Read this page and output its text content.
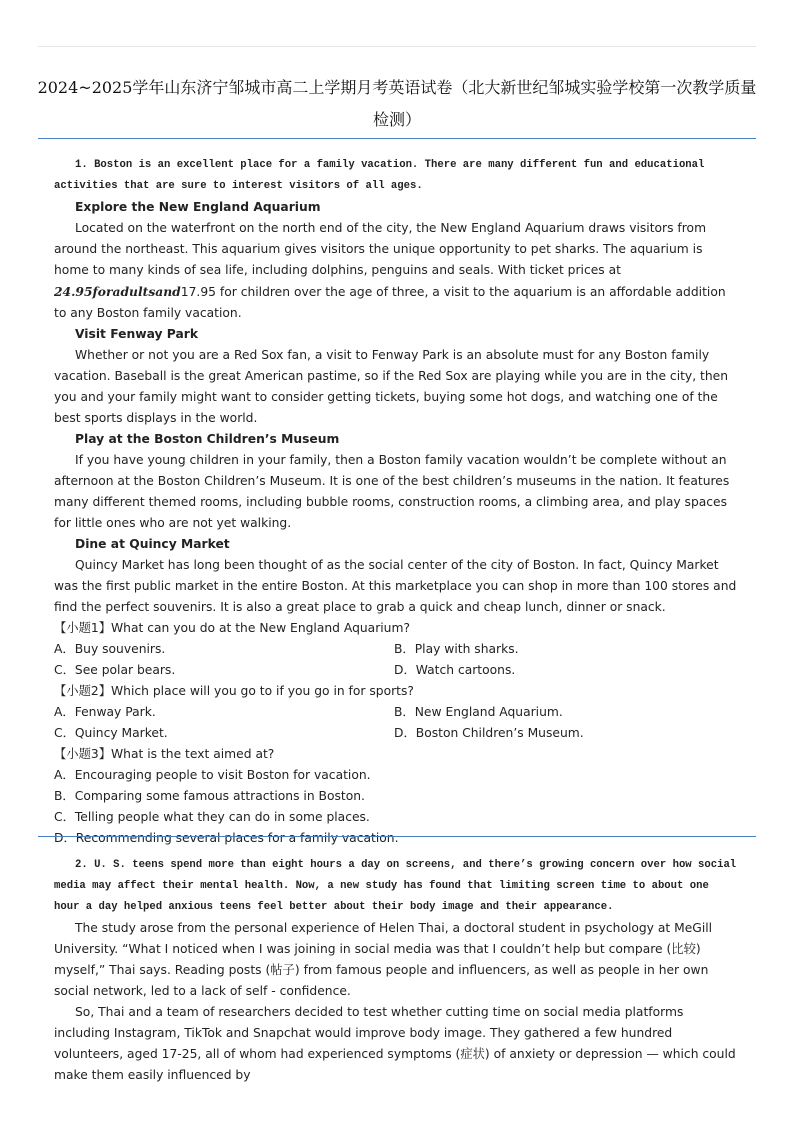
2024~2025学年山东济宁邹城市高二上学期月考英语试卷（北大新世纪邹城实验学校第一次教学质量检测）

1. Boston is an excellent place for a family vacation. There are many different fun and educational activities that are sure to interest visitors of all ages.

Explore the New England Aquarium

Located on the waterfront on the north end of the city, the New England Aquarium draws visitors from around the northeast. This aquarium gives visitors the unique opportunity to pet sharks. The aquarium is home to many kinds of sea life, including dolphins, penguins and seals. With ticket prices at 24.95foradultsand17.95 for children over the age of three, a visit to the aquarium is an affordable addition to any Boston family vacation.

Visit Fenway Park

Whether or not you are a Red Sox fan, a visit to Fenway Park is an absolute must for any Boston family vacation. Baseball is the great American pastime, so if the Red Sox are playing while you are in the city, then you and your family might want to consider getting tickets, buying some hot dogs, and watching one of the best sports displays in the world.

Play at the Boston Children’s Museum

If you have young children in your family, then a Boston family vacation wouldn’t be complete without an afternoon at the Boston Children’s Museum. It is one of the best children’s museums in the nation. It features many different themed rooms, including bubble rooms, construction rooms, a climbing area, and play spaces for little ones who are not yet walking.

Dine at Quincy Market

Quincy Market has long been thought of as the social center of the city of Boston. In fact, Quincy Market was the first public market in the entire Boston. At this marketplace you can shop in more than 100 stores and find the perfect souvenirs. It is also a great place to grab a quick and cheap lunch, dinner or snack.

【小题1】What can you do at the New England Aquarium?

A．Buy souvenirs.	B．Play with sharks.
C．See polar bears.	D．Watch cartoons.

【小题2】Which place will you go to if you go in for sports?

A．Fenway Park.	B．New England Aquarium.
C．Quincy Market.	D．Boston Children’s Museum.

【小题3】What is the text aimed at?

A．Encouraging people to visit Boston for vacation.

B．Comparing some famous attractions in Boston.

C．Telling people what they can do in some places.

D．Recommending several places for a family vacation.

2. U. S. teens spend more than eight hours a day on screens, and there’s growing concern over how social media may affect their mental health. Now, a new study has found that limiting screen time to about one hour a day helped anxious teens feel better about their body image and their appearance.

The study arose from the personal experience of Helen Thai, a doctoral student in psychology at MeGill University. “What I noticed when I was joining in social media was that I couldn’t help but compare (比较) myself,” Thai says. Reading posts (帖子) from famous people and influencers, as well as people in her own social network, led to a lack of self - confidence.

So, Thai and a team of researchers decided to test whether cutting time on social media platforms including Instagram, TikTok and Snapchat would improve body image. They gathered a few hundred volunteers, aged 17-25, all of whom had experienced symptoms (症状) of anxiety or depression — which could make them easily influenced by
